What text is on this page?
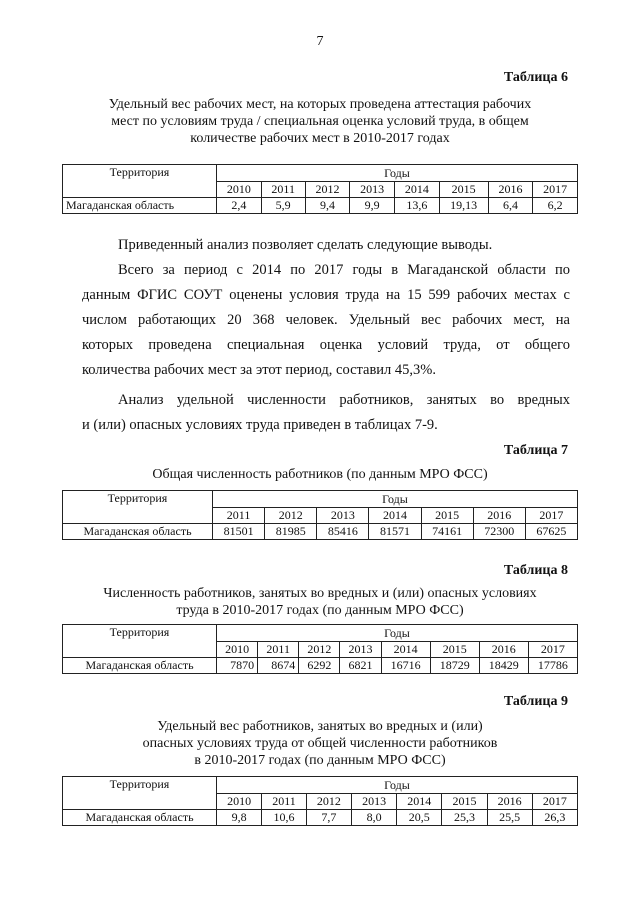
7
Таблица 6
Удельный вес рабочих мест, на которых проведена аттестация рабочих
мест по условиям труда / специальная оценка условий труда, в общем
количестве рабочих мест в 2010-2017 годах
Территория	Годы							
	2010	2011	2012	2013	2014	2015	2016	2017
Магаданская область	2,4	5,9	9,4	9,9	13,6	19,13	6,4	6,2
Приведенный анализ позволяет сделать следующие выводы.
Всего за период с 2014 по 2017 годы в Магаданской области по
данным ФГИС СОУТ оценены условия труда на 15 599 рабочих местах с
числом работающих 20 368 человек. Удельный вес рабочих мест, на
которых проведена специальная оценка условий труда, от общего
количества рабочих мест за этот период, составил 45,3%.
Анализ удельной численности работников, занятых во вредных
и (или) опасных условиях труда приведен в таблицах 7-9.
Таблица 7
Общая численность работников (по данным МРО ФСС)
Территория	Годы						
	2011	2012	2013	2014	2015	2016	2017
Магаданская область	81501	81985	85416	81571	74161	72300	67625
Таблица 8
Численность работников, занятых во вредных и (или) опасных условиях
труда в 2010-2017 годах (по данным МРО ФСС)
Территория	Годы							
	2010	2011	2012	2013	2014	2015	2016	2017
Магаданская область	7870	8674	6292	6821	16716	18729	18429	17786
Таблица 9
Удельный вес работников, занятых во вредных и (или)
опасных условиях труда от общей численности работников
в 2010-2017 годах (по данным МРО ФСС)
Территория	Годы							
	2010	2011	2012	2013	2014	2015	2016	2017
Магаданская область	9,8	10,6	7,7	8,0	20,5	25,3	25,5	26,3
